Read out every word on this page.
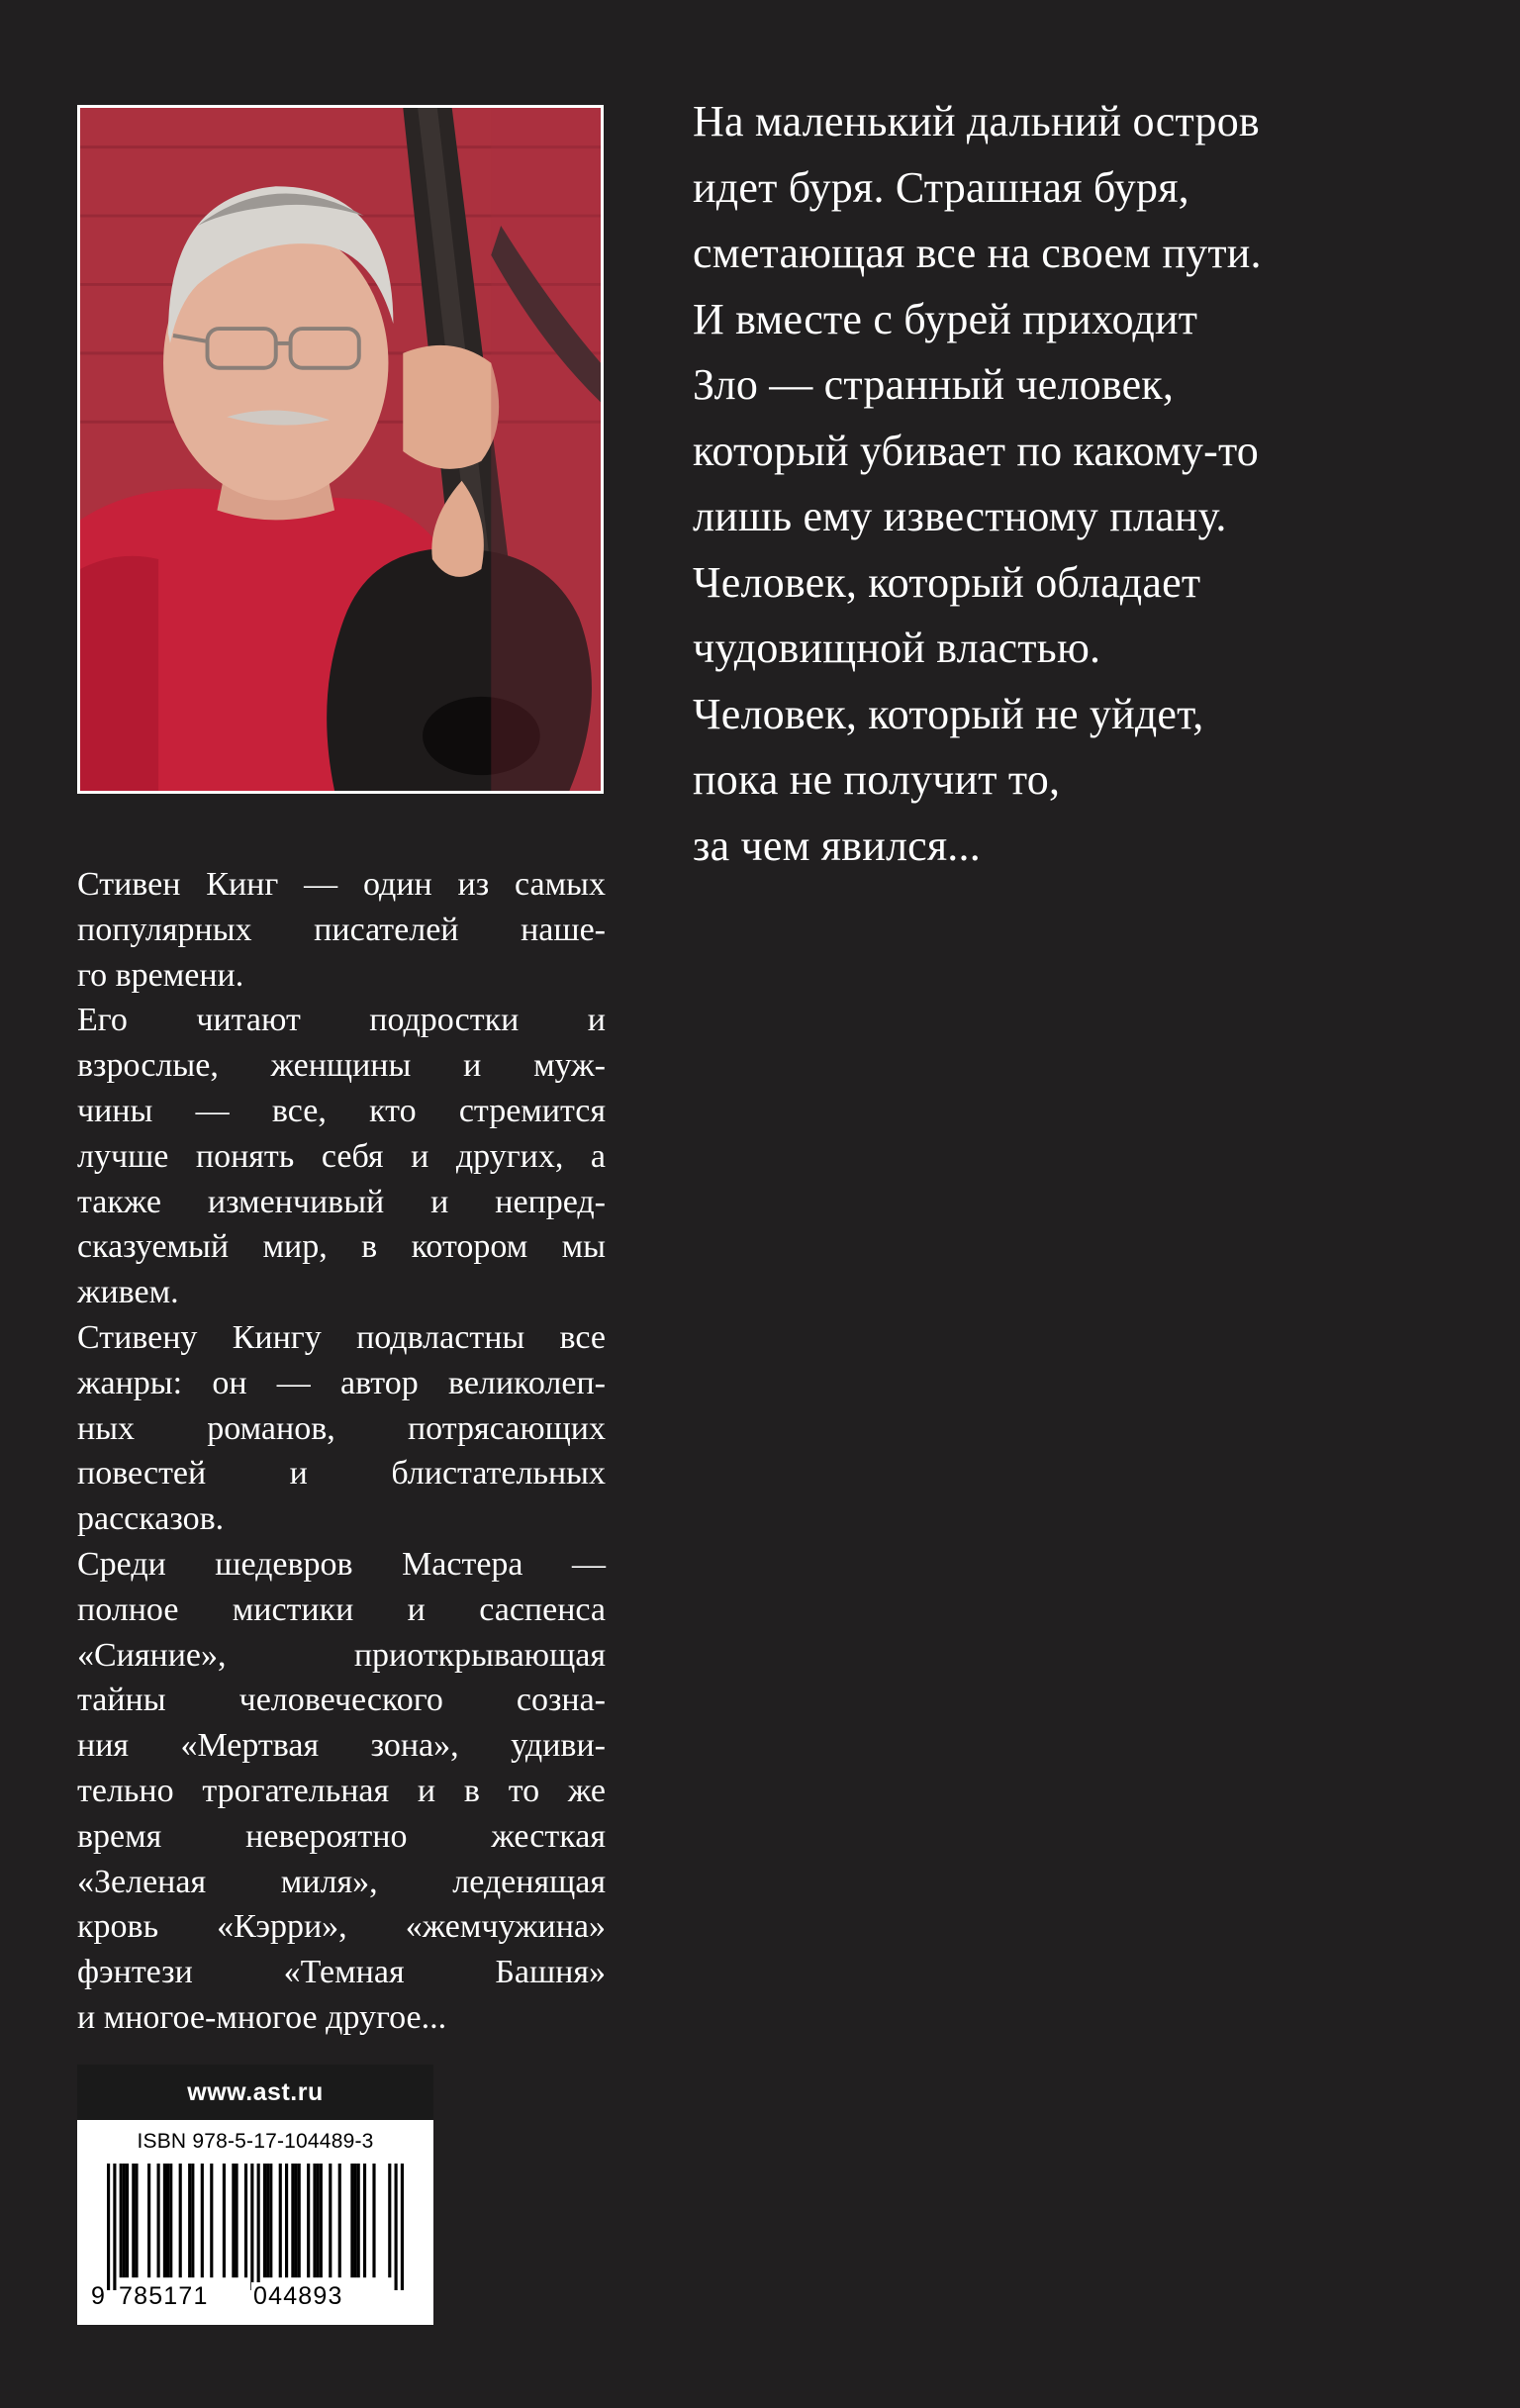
На маленький дальний остров
идет буря. Страшная буря,
сметающая все на своем пути.
И вместе с бурей приходит
Зло — странный человек,
который убивает по какому-то
лишь ему известному плану.
Человек, который обладает
чудовищной властью.
Человек, который не уйдет,
пока не получит то,
за чем явился...
Стивен Кинг — один из самых
популярных писателей наше-
го времени.
Его читают подростки и
взрослые, женщины и муж-
чины — все, кто стремится
лучше понять себя и других, а
также изменчивый и непред-
сказуемый мир, в котором мы
живем.
Стивену Кингу подвластны все
жанры: он — автор великолеп-
ных романов, потрясающих
повестей и блистательных
рассказов.
Среди шедевров Мастера —
полное мистики и саспенса
«Сияние», приоткрывающая
тайны человеческого созна-
ния «Мертвая зона», удиви-
тельно трогательная и в то же
время невероятно жесткая
«Зеленая миля», леденящая
кровь «Кэрри», «жемчужина»
фэнтези «Темная Башня»
и многое-многое другое...
www.ast.ru
ISBN 978-5-17-104489-3
9 785171 044893
